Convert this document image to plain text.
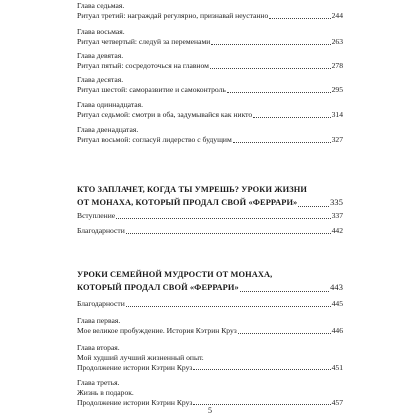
Глава седьмая.
Ритуал третий: награждай регулярно, признавай неустанно	244
Глава восьмая.
Ритуал четвертый: следуй за переменами	263
Глава девятая.
Ритуал пятый: сосредоточься на главном	278
Глава десятая.
Ритуал шестой: саморазвитие и самоконтроль	295
Глава одиннадцатая.
Ритуал седьмой: смотри в оба, задумывайся как никто	314
Глава двенадцатая.
Ритуал восьмой: согласуй лидерство с будущим	327
КТО ЗАПЛАЧЕТ, КОГДА ТЫ УМРЕШЬ? УРОКИ ЖИЗНИ
ОТ МОНАХА, КОТОРЫЙ ПРОДАЛ СВОЙ «ФЕРРАРИ»	335
Вступление	337
Благодарности	442
УРОКИ СЕМЕЙНОЙ МУДРОСТИ ОТ МОНАХА,
КОТОРЫЙ ПРОДАЛ СВОЙ «ФЕРРАРИ»	443
Благодарности	445
Глава первая.
Мое великое пробуждение. История Кэтрин Круз	446
Глава вторая.
Мой худший лучший жизненный опыт.
Продолжение истории Кэтрин Круз	451
Глава третья.
Жизнь в подарок.
Продолжение истории Кэтрин Круз	457
5
